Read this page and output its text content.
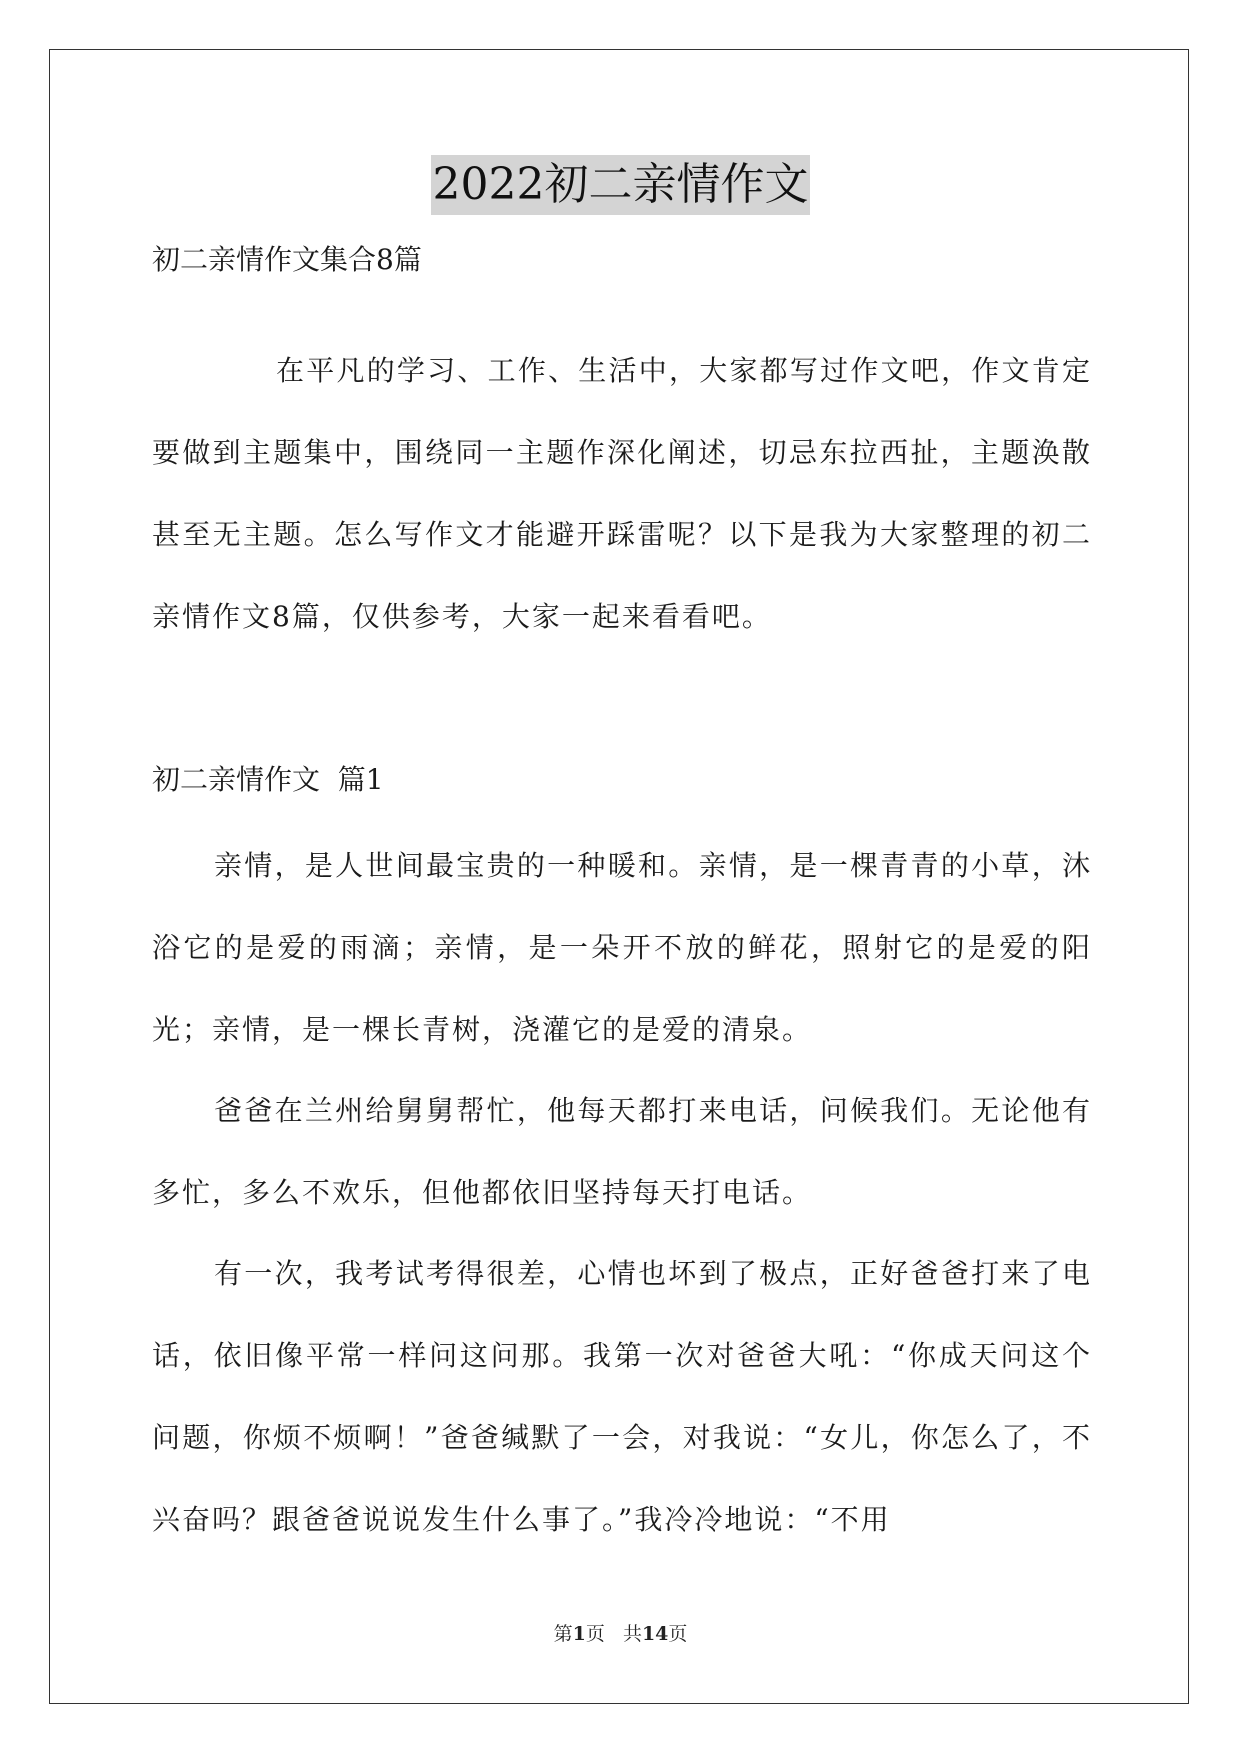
2022初二亲情作文
初二亲情作文集合8篇

在平凡的学习、工作、生活中，大家都写过作文吧，作文肯定要做到主题集中，围绕同一主题作深化阐述，切忌东拉西扯，主题涣散甚至无主题。怎么写作文才能避开踩雷呢？以下是我为大家整理的初二亲情作文8篇，仅供参考，大家一起来看看吧。

初二亲情作文  篇1

亲情，是人世间最宝贵的一种暖和。亲情，是一棵青青的小草，沐浴它的是爱的雨滴；亲情，是一朵开不放的鲜花，照射它的是爱的阳光；亲情，是一棵长青树，浇灌它的是爱的清泉。

爸爸在兰州给舅舅帮忙，他每天都打来电话，问候我们。无论他有多忙，多么不欢乐，但他都依旧坚持每天打电话。

有一次，我考试考得很差，心情也坏到了极点，正好爸爸打来了电话，依旧像平常一样问这问那。我第一次对爸爸大吼：“你成天问这个问题，你烦不烦啊！”爸爸缄默了一会，对我说：“女儿，你怎么了，不兴奋吗？跟爸爸说说发生什么事了。”我冷冷地说：“不用

第1页   共14页
